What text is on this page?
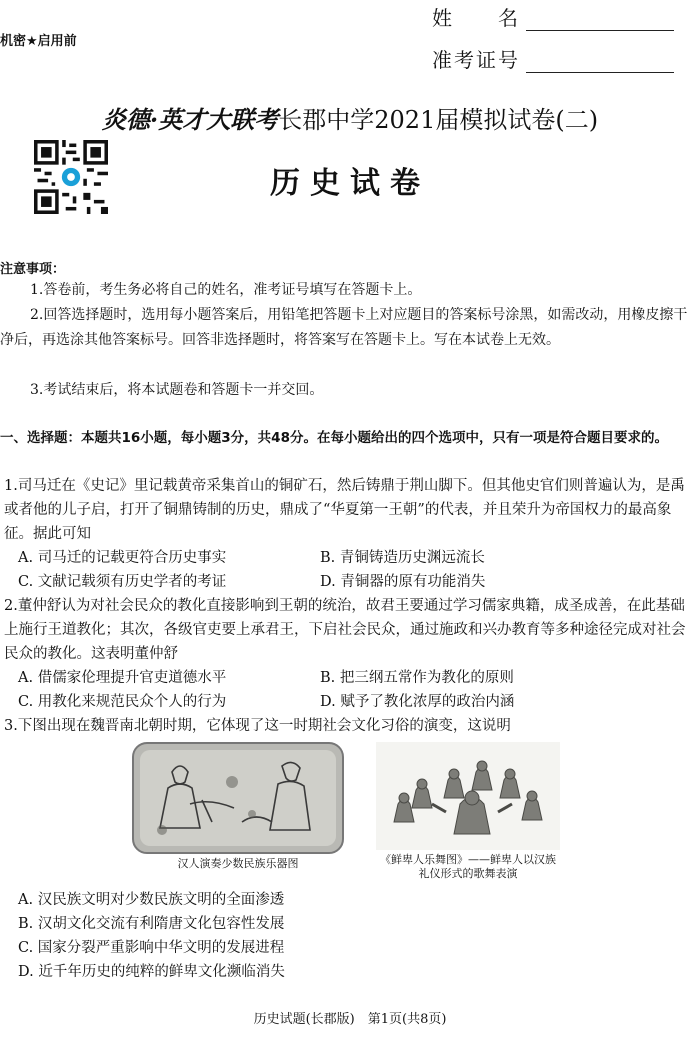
机密★启用前
姓　　名
准考证号
炎德·英才大联考长郡中学2021届模拟试卷(二)
历史试卷
注意事项：
1.答卷前，考生务必将自己的姓名，准考证号填写在答题卡上。
2.回答选择题时，选用每小题答案后，用铅笔把答题卡上对应题目的答案标号涂黑，如需改动，用橡皮擦干净后，再选涂其他答案标号。回答非选择题时，将答案写在答题卡上。写在本试卷上无效。
3.考试结束后，将本试题卷和答题卡一并交回。
一、选择题：本题共16小题，每小题3分，共48分。在每小题给出的四个选项中，只有一项是符合题目要求的。
1.司马迁在《史记》里记载黄帝采集首山的铜矿石，然后铸鼎于荆山脚下。但其他史官们则普遍认为，是禹或者他的儿子启，打开了铜鼎铸制的历史，鼎成了“华夏第一王朝”的代表，并且荣升为帝国权力的最高象征。据此可知
A. 司马迁的记载更符合历史事实	B. 青铜铸造历史渊远流长
C. 文献记载须有历史学者的考证	D. 青铜器的原有功能消失
2.董仲舒认为对社会民众的教化直接影响到王朝的统治，故君王要通过学习儒家典籍，成圣成善，在此基础上施行王道教化；其次，各级官吏要上承君王，下启社会民众，通过施政和兴办教育等多种途径完成对社会民众的教化。这表明董仲舒
A. 借儒家伦理提升官吏道德水平	B. 把三纲五常作为教化的原则
C. 用教化来规范民众个人的行为	D. 赋予了教化浓厚的政治内涵
3.下图出现在魏晋南北朝时期，它体现了这一时期社会文化习俗的演变，这说明
汉人演奏少数民族乐器图	《鲜卑人乐舞图》——鲜卑人以汉族礼仪形式的歌舞表演
A. 汉民族文明对少数民族文明的全面渗透
B. 汉胡文化交流有利隋唐文化包容性发展
C. 国家分裂严重影响中华文明的发展进程
D. 近千年历史的纯粹的鲜卑文化濒临消失
历史试题(长郡版)　第1页(共8页)
